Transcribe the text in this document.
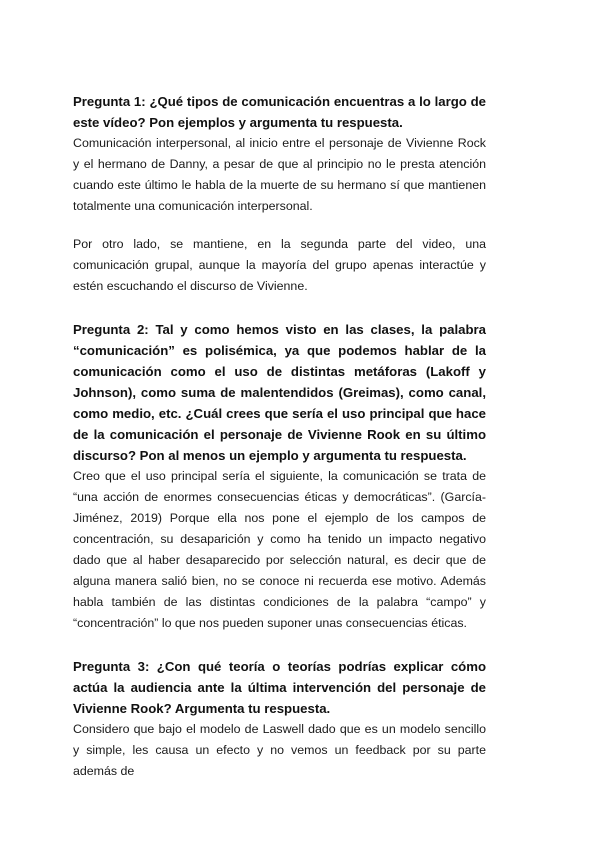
Pregunta 1: ¿Qué tipos de comunicación encuentras a lo largo de este vídeo? Pon ejemplos y argumenta tu respuesta.

Comunicación interpersonal, al inicio entre el personaje de Vivienne Rock y el hermano de Danny, a pesar de que al principio no le presta atención cuando este último le habla de la muerte de su hermano sí que mantienen totalmente una comunicación interpersonal.

Por otro lado, se mantiene, en la segunda parte del video, una comunicación grupal, aunque la mayoría del grupo apenas interactúe y estén escuchando el discurso de Vivienne.

Pregunta 2: Tal y como hemos visto en las clases, la palabra “comunicación” es polisémica, ya que podemos hablar de la comunicación como el uso de distintas metáforas (Lakoff y Johnson), como suma de malentendidos (Greimas), como canal, como medio, etc. ¿Cuál crees que sería el uso principal que hace de la comunicación el personaje de Vivienne Rook en su último discurso? Pon al menos un ejemplo y argumenta tu respuesta.

Creo que el uso principal sería el siguiente, la comunicación se trata de “una acción de enormes consecuencias éticas y democráticas”. (García-Jiménez, 2019) Porque ella nos pone el ejemplo de los campos de concentración, su desaparición y como ha tenido un impacto negativo dado que al haber desaparecido por selección natural, es decir que de alguna manera salió bien, no se conoce ni recuerda ese motivo. Además habla también de las distintas condiciones de la palabra “campo” y “concentración” lo que nos pueden suponer unas consecuencias éticas.

Pregunta 3: ¿Con qué teoría o teorías podrías explicar cómo actúa la audiencia ante la última intervención del personaje de Vivienne Rook? Argumenta tu respuesta.

Considero que bajo el modelo de Laswell dado que es un modelo sencillo y simple, les causa un efecto y no vemos un feedback por su parte además de
